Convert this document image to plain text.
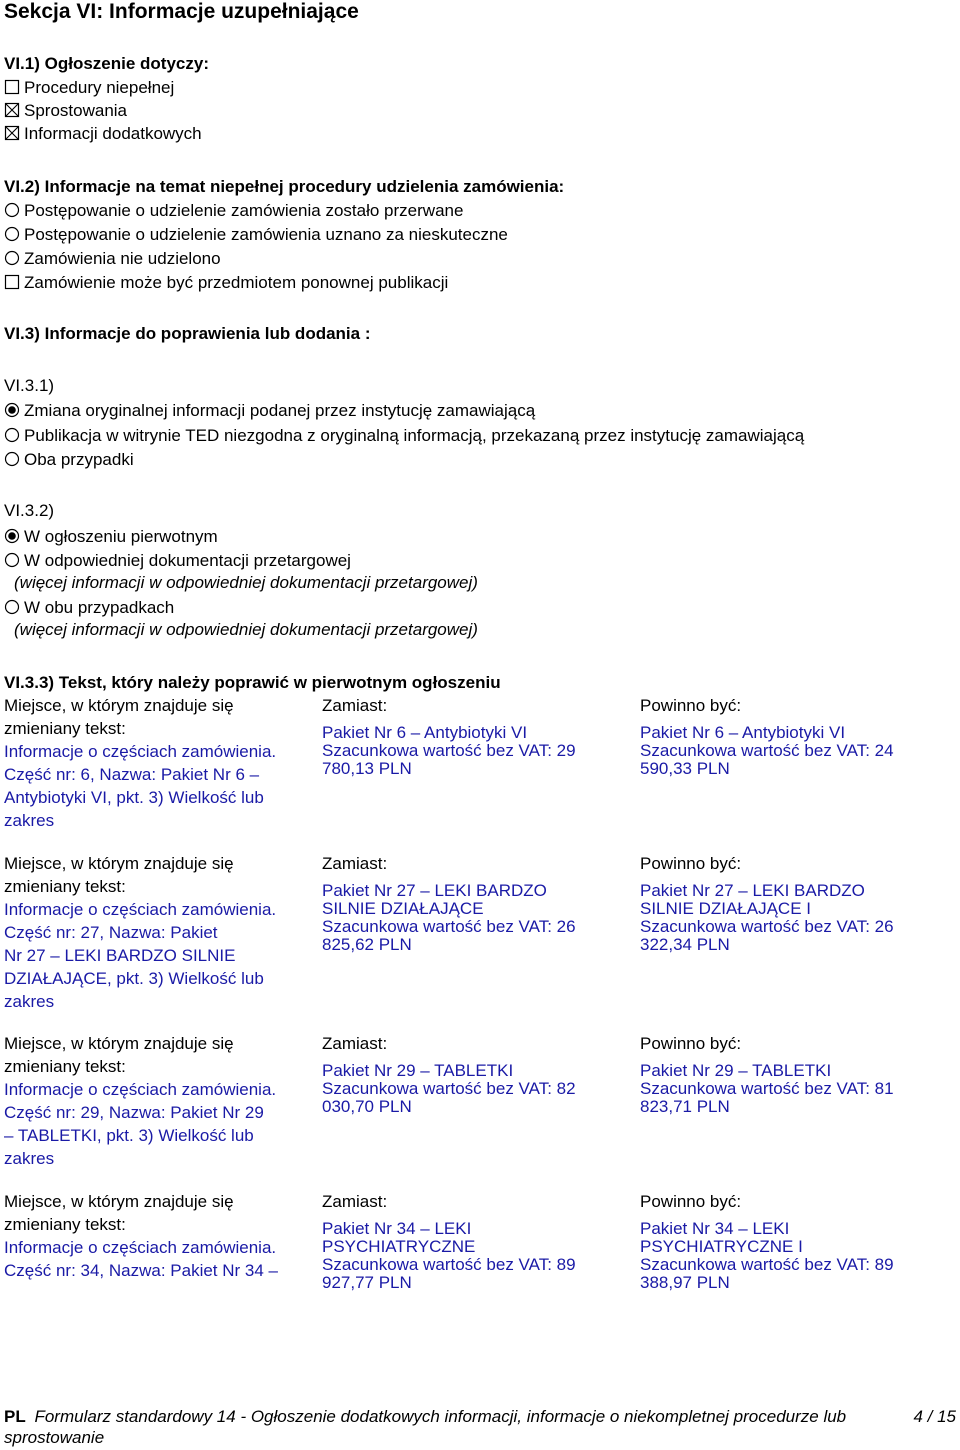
Sekcja VI: Informacje uzupełniające
VI.1) Ogłoszenie dotyczy:
Procedury niepełnej
Sprostowania
Informacji dodatkowych
VI.2) Informacje na temat niepełnej procedury udzielenia zamówienia:
Postępowanie o udzielenie zamówienia zostało przerwane
Postępowanie o udzielenie zamówienia uznano za nieskuteczne
Zamówienia nie udzielono
Zamówienie może być przedmiotem ponownej publikacji
VI.3) Informacje do poprawienia lub dodania :
VI.3.1)
Zmiana oryginalnej informacji podanej przez instytucję zamawiającą
Publikacja w witrynie TED niezgodna z oryginalną informacją, przekazaną przez instytucję zamawiającą
Oba przypadki
VI.3.2)
W ogłoszeniu pierwotnym
W odpowiedniej dokumentacji przetargowej
(więcej informacji w odpowiedniej dokumentacji przetargowej)
W obu przypadkach
(więcej informacji w odpowiedniej dokumentacji przetargowej)
VI.3.3) Tekst, który należy poprawić w pierwotnym ogłoszeniu
Miejsce, w którym znajduje się
zmieniany tekst:
Informacje o częściach zamówienia.
Część nr: 6, Nazwa: Pakiet Nr 6 –
Antybiotyki VI, pkt. 3) Wielkość lub
zakres
Zamiast:
Pakiet Nr 6 – Antybiotyki VI
Szacunkowa wartość bez VAT: 29
780,13 PLN
Powinno być:
Pakiet Nr 6 – Antybiotyki VI
Szacunkowa wartość bez VAT: 24
590,33 PLN
Miejsce, w którym znajduje się
zmieniany tekst:
Informacje o częściach zamówienia.
Część nr: 27, Nazwa: Pakiet
Nr 27 – LEKI BARDZO SILNIE
DZIAŁAJĄCE, pkt. 3) Wielkość lub
zakres
Zamiast:
Pakiet Nr 27 – LEKI BARDZO
SILNIE DZIAŁAJĄCE
Szacunkowa wartość bez VAT: 26
825,62 PLN
Powinno być:
Pakiet Nr 27 – LEKI BARDZO
SILNIE DZIAŁAJĄCE I
Szacunkowa wartość bez VAT: 26
322,34 PLN
Miejsce, w którym znajduje się
zmieniany tekst:
Informacje o częściach zamówienia.
Część nr: 29, Nazwa: Pakiet Nr 29
– TABLETKI, pkt. 3) Wielkość lub
zakres
Zamiast:
Pakiet Nr 29 – TABLETKI
Szacunkowa wartość bez VAT: 82
030,70 PLN
Powinno być:
Pakiet Nr 29 – TABLETKI
Szacunkowa wartość bez VAT: 81
823,71 PLN
Miejsce, w którym znajduje się
zmieniany tekst:
Informacje o częściach zamówienia.
Część nr: 34, Nazwa: Pakiet Nr 34 –
Zamiast:
Pakiet Nr 34 – LEKI
PSYCHIATRYCZNE
Szacunkowa wartość bez VAT: 89
927,77 PLN
Powinno być:
Pakiet Nr 34 – LEKI
PSYCHIATRYCZNE I
Szacunkowa wartość bez VAT: 89
388,97 PLN
PL Formularz standardowy 14 - Ogłoszenie dodatkowych informacji, informacje o niekompletnej procedurze lub
sprostowanie
4 / 15
